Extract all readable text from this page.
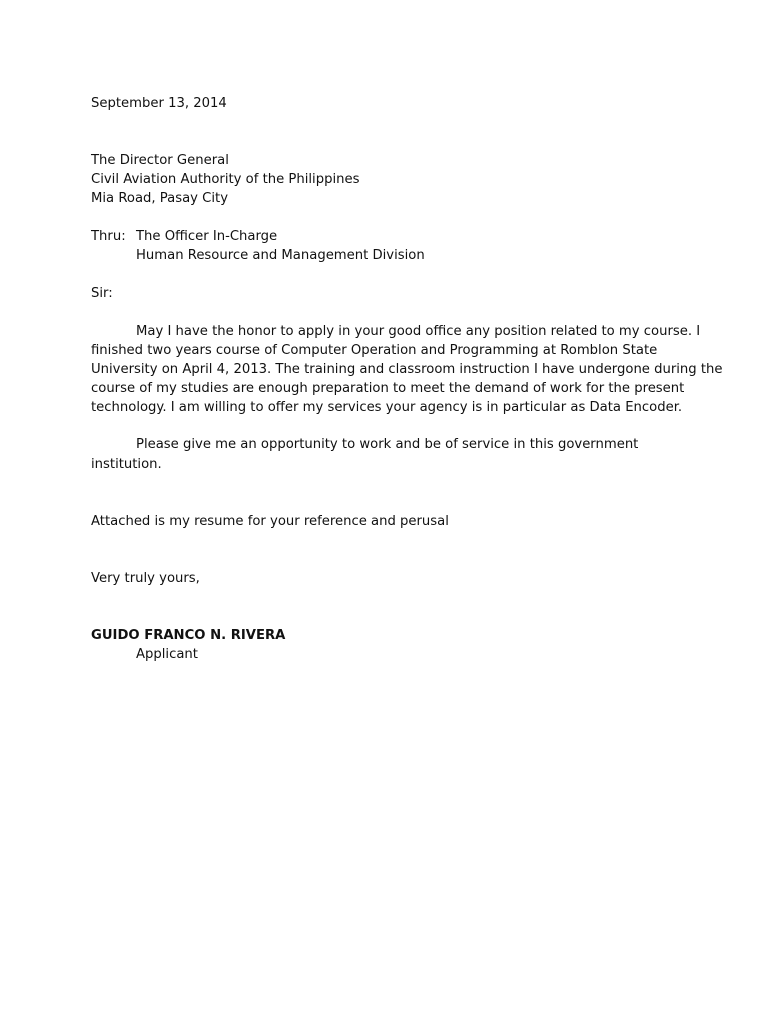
September 13, 2014
The Director General
Civil Aviation Authority of the Philippines
Mia Road, Pasay City
Thru: The Officer In-Charge
Human Resource and Management Division
Sir:
May I have the honor to apply in your good office any position related to my course. I
finished two years course of Computer Operation and Programming at Romblon State
University on April 4, 2013. The training and classroom instruction I have undergone during the
course of my studies are enough preparation to meet the demand of work for the present
technology. I am willing to offer my services your agency is in particular as Data Encoder.
Please give me an opportunity to work and be of service in this government
institution.
Attached is my resume for your reference and perusal
Very truly yours,
GUIDO FRANCO N. RIVERA
Applicant
